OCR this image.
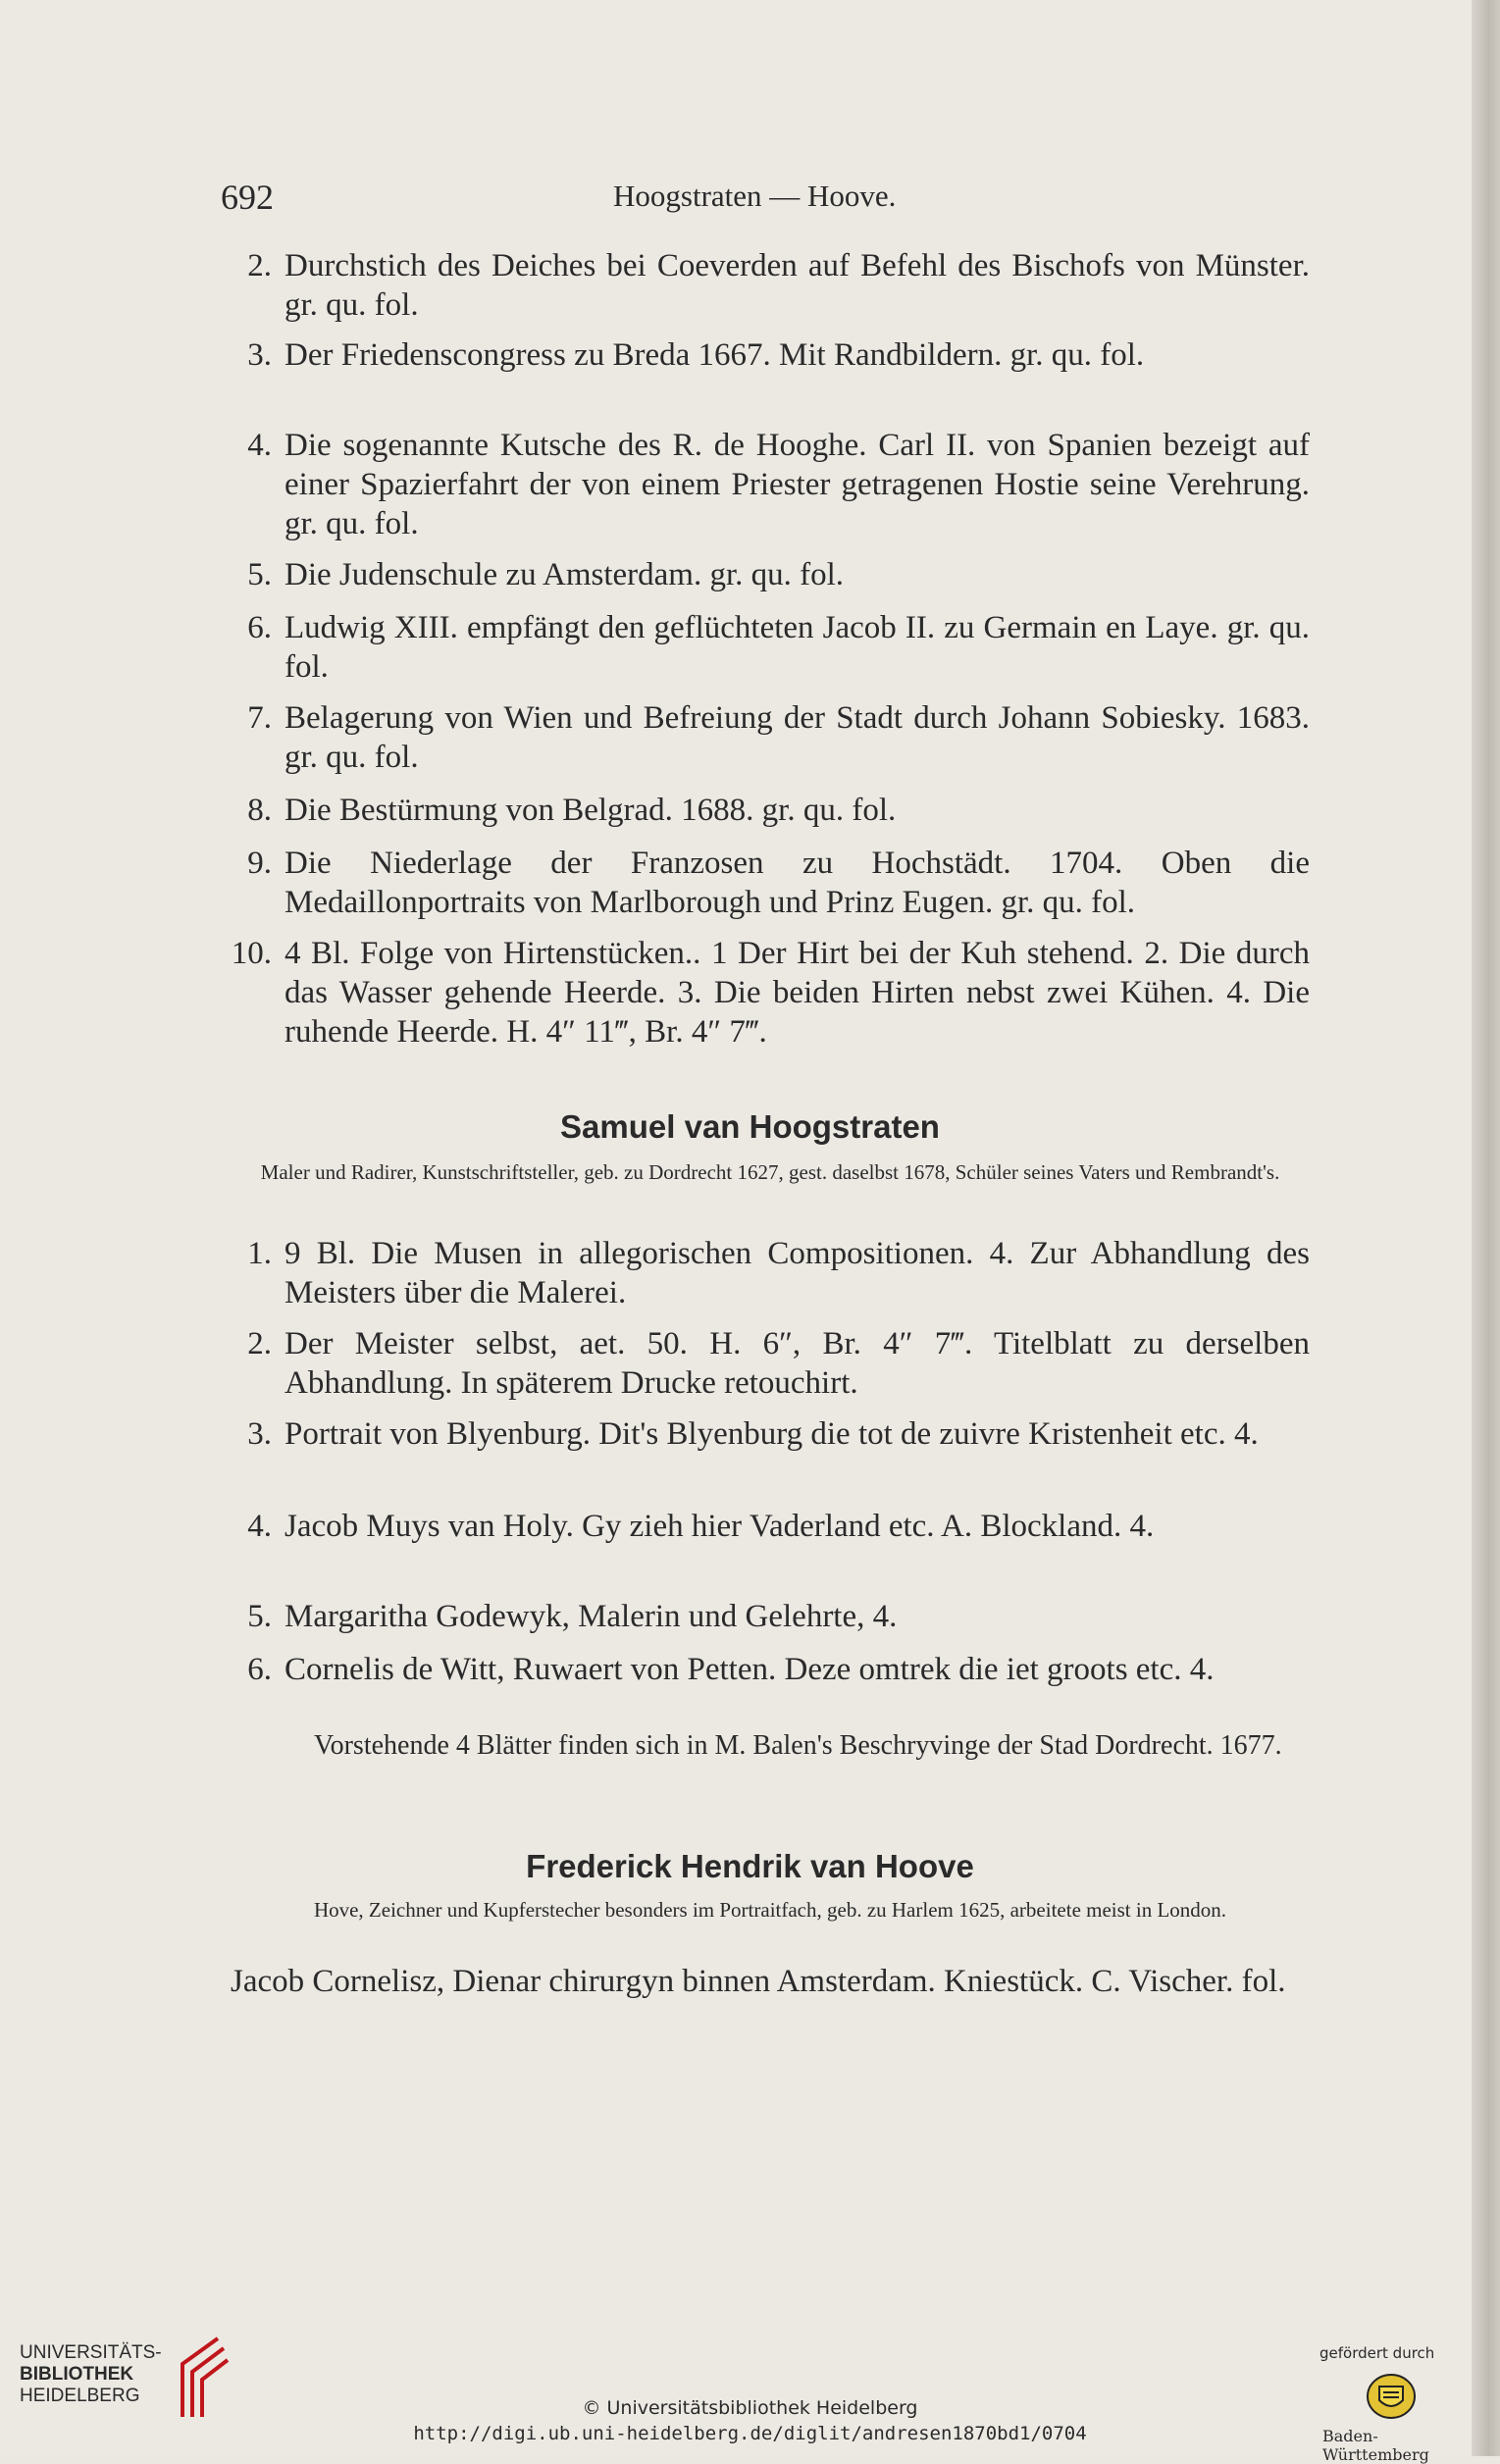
692	Hoogstraten — Hoove.
2. Durchstich des Deiches bei Coeverden auf Befehl des Bischofs von Münster. gr. qu. fol.
3. Der Friedenscongress zu Breda 1667. Mit Randbildern. gr. qu. fol.
4. Die sogenannte Kutsche des R. de Hooghe. Carl II. von Spanien bezeigt auf einer Spazierfahrt der von einem Priester getragenen Hostie seine Verehrung. gr. qu. fol.
5. Die Judenschule zu Amsterdam. gr. qu. fol.
6. Ludwig XIII. empfängt den geflüchteten Jacob II. zu Germain en Laye. gr. qu. fol.
7. Belagerung von Wien und Befreiung der Stadt durch Johann Sobiesky. 1683. gr. qu. fol.
8. Die Bestürmung von Belgrad. 1688. gr. qu. fol.
9. Die Niederlage der Franzosen zu Hochstädt. 1704. Oben die Medaillonportraits von Marlborough und Prinz Eugen. gr. qu. fol.
10. 4 Bl. Folge von Hirtenstücken.. 1 Der Hirt bei der Kuh stehend. 2. Die durch das Wasser gehende Heerde. 3. Die beiden Hirten nebst zwei Kühen. 4. Die ruhende Heerde. H. 4″ 11‴, Br. 4″ 7‴.
Samuel van Hoogstraten
Maler und Radirer, Kunstschriftsteller, geb. zu Dordrecht 1627, gest. daselbst 1678, Schüler seines Vaters und Rembrandt's.
1. 9 Bl. Die Musen in allegorischen Compositionen. 4. Zur Abhandlung des Meisters über die Malerei.
2. Der Meister selbst, aet. 50. H. 6″, Br. 4″ 7‴. Titelblatt zu derselben Abhandlung. In späterem Drucke retouchirt.
3. Portrait von Blyenburg. Dit's Blyenburg die tot de zuivre Kristenheit etc. 4.
4. Jacob Muys van Holy. Gy zieh hier Vaderland etc. A. Blockland. 4.
5. Margaritha Godewyk, Malerin und Gelehrte, 4.
6. Cornelis de Witt, Ruwaert von Petten. Deze omtrek die iet groots etc. 4.
Vorstehende 4 Blätter finden sich in M. Balen's Beschryvinge der Stad Dordrecht. 1677.
Frederick Hendrik van Hoove
Hove, Zeichner und Kupferstecher besonders im Portraitfach, geb. zu Harlem 1625, arbeitete meist in London.
Jacob Cornelisz, Dienar chirurgyn binnen Amsterdam. Kniestück. C. Vischer. fol.
UNIVERSITÄTS-
BIBLIOTHEK
HEIDELBERG
© Universitätsbibliothek Heidelberg
http://digi.ub.uni-heidelberg.de/diglit/andresen1870bd1/0704
gefördert durch
Baden-Württemberg
